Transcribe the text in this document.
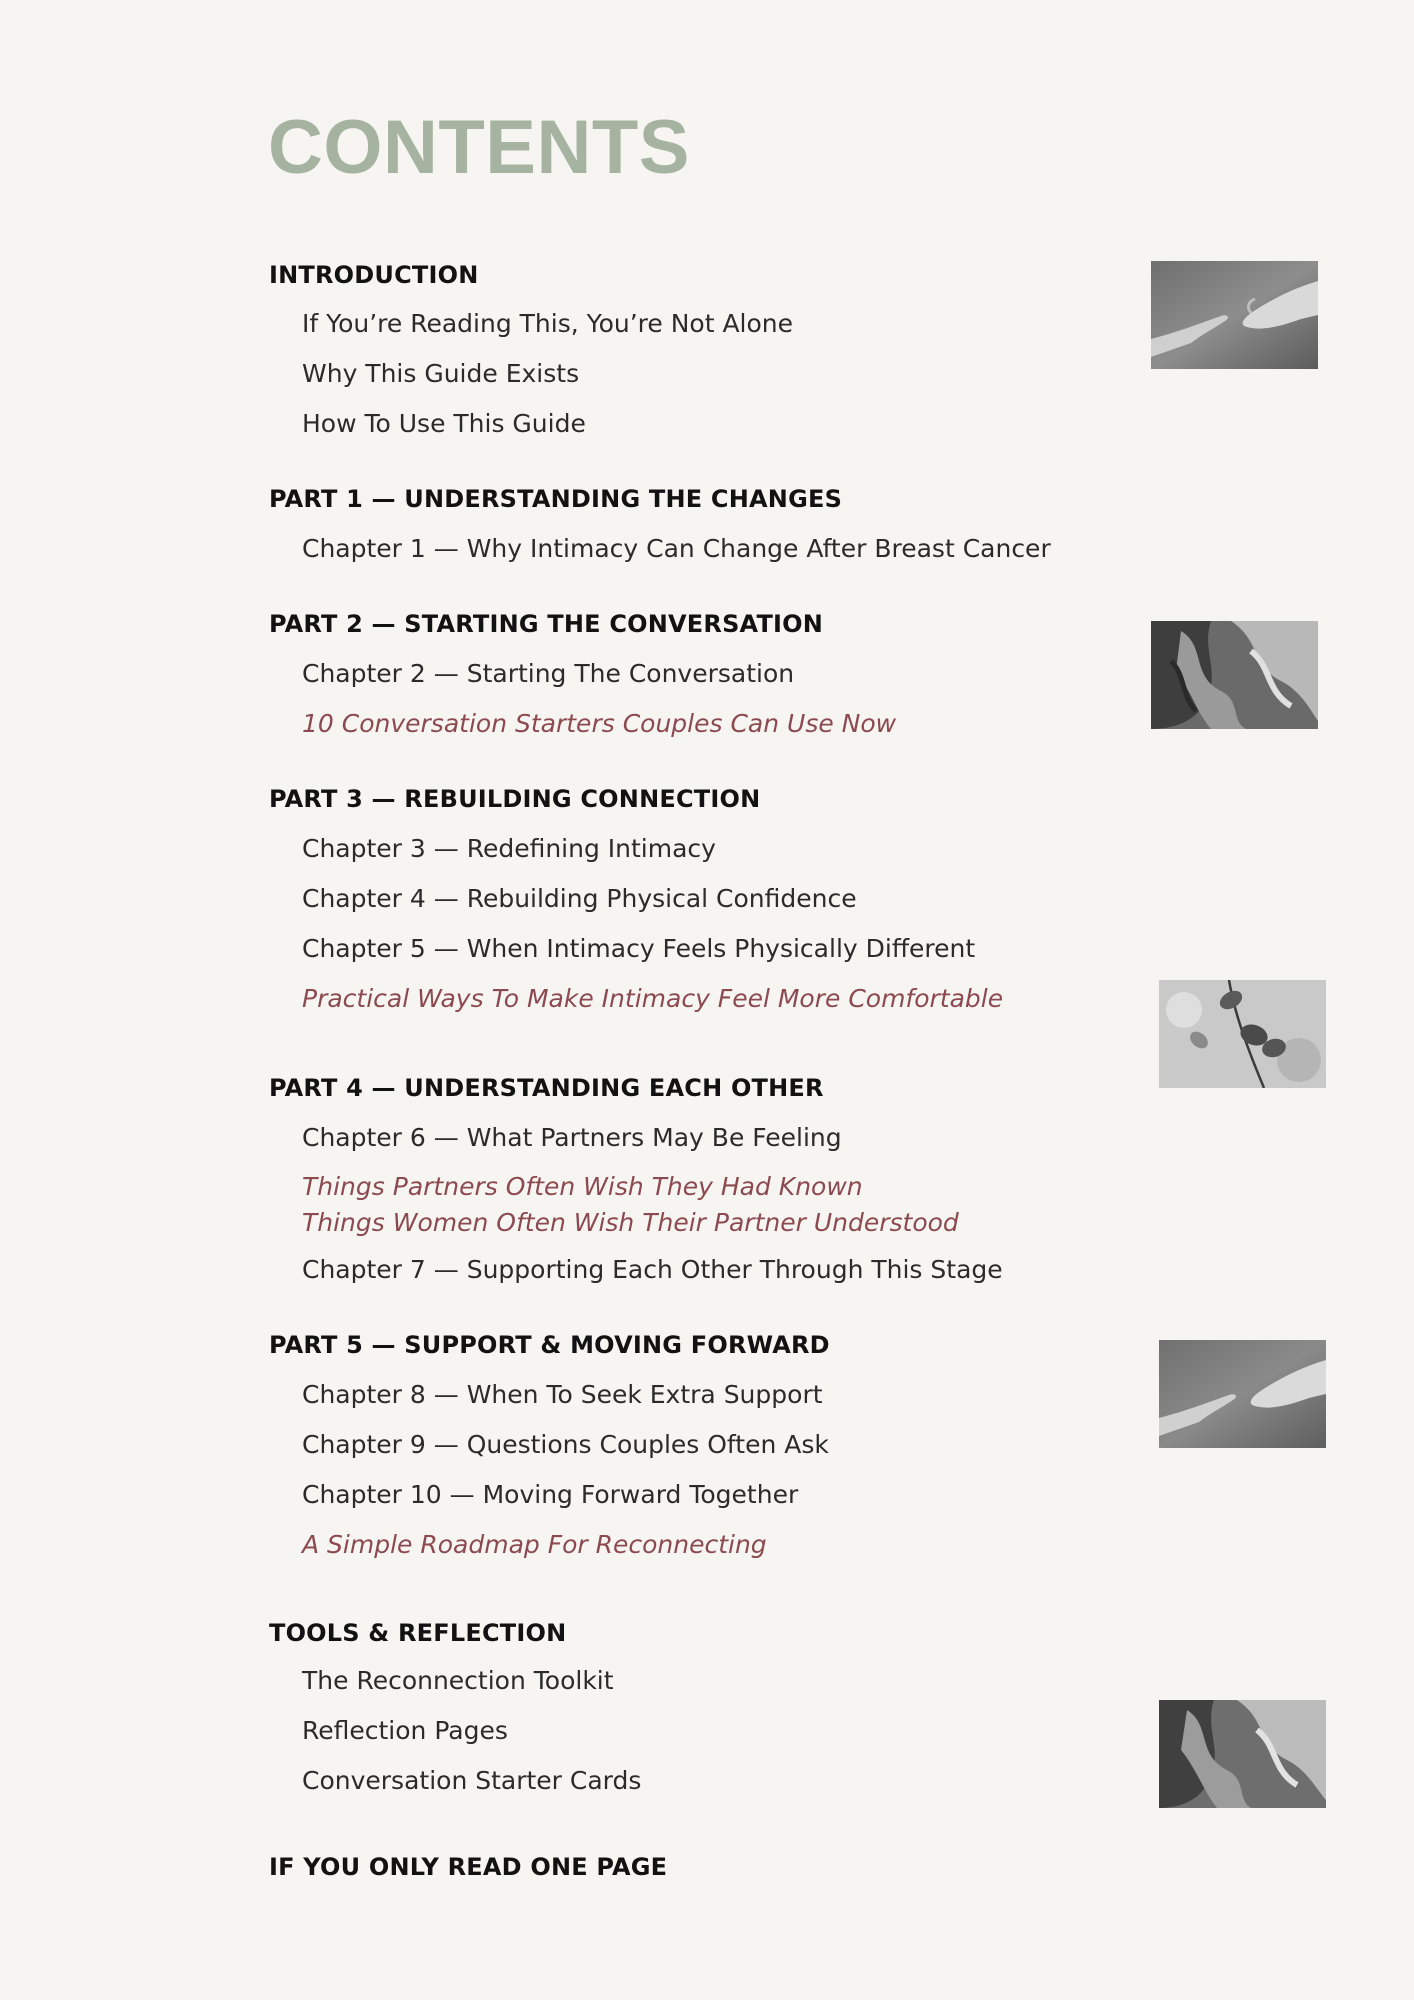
CONTENTS
INTRODUCTION
If You’re Reading This, You’re Not Alone
Why This Guide Exists
How To Use This Guide
PART 1 — UNDERSTANDING THE CHANGES
Chapter 1 — Why Intimacy Can Change After Breast Cancer
PART 2 — STARTING THE CONVERSATION
Chapter 2 — Starting The Conversation
10 Conversation Starters Couples Can Use Now
PART 3 — REBUILDING CONNECTION
Chapter 3 — Redefining Intimacy
Chapter 4 — Rebuilding Physical Confidence
Chapter 5 — When Intimacy Feels Physically Different
Practical Ways To Make Intimacy Feel More Comfortable
PART 4 — UNDERSTANDING EACH OTHER
Chapter 6 — What Partners May Be Feeling
Things Partners Often Wish They Had Known
Things Women Often Wish Their Partner Understood
Chapter 7 — Supporting Each Other Through This Stage
PART 5 — SUPPORT & MOVING FORWARD
Chapter 8 — When To Seek Extra Support
Chapter 9 — Questions Couples Often Ask
Chapter 10 — Moving Forward Together
A Simple Roadmap For Reconnecting
TOOLS & REFLECTION
The Reconnection Toolkit
Reflection Pages
Conversation Starter Cards
IF YOU ONLY READ ONE PAGE
